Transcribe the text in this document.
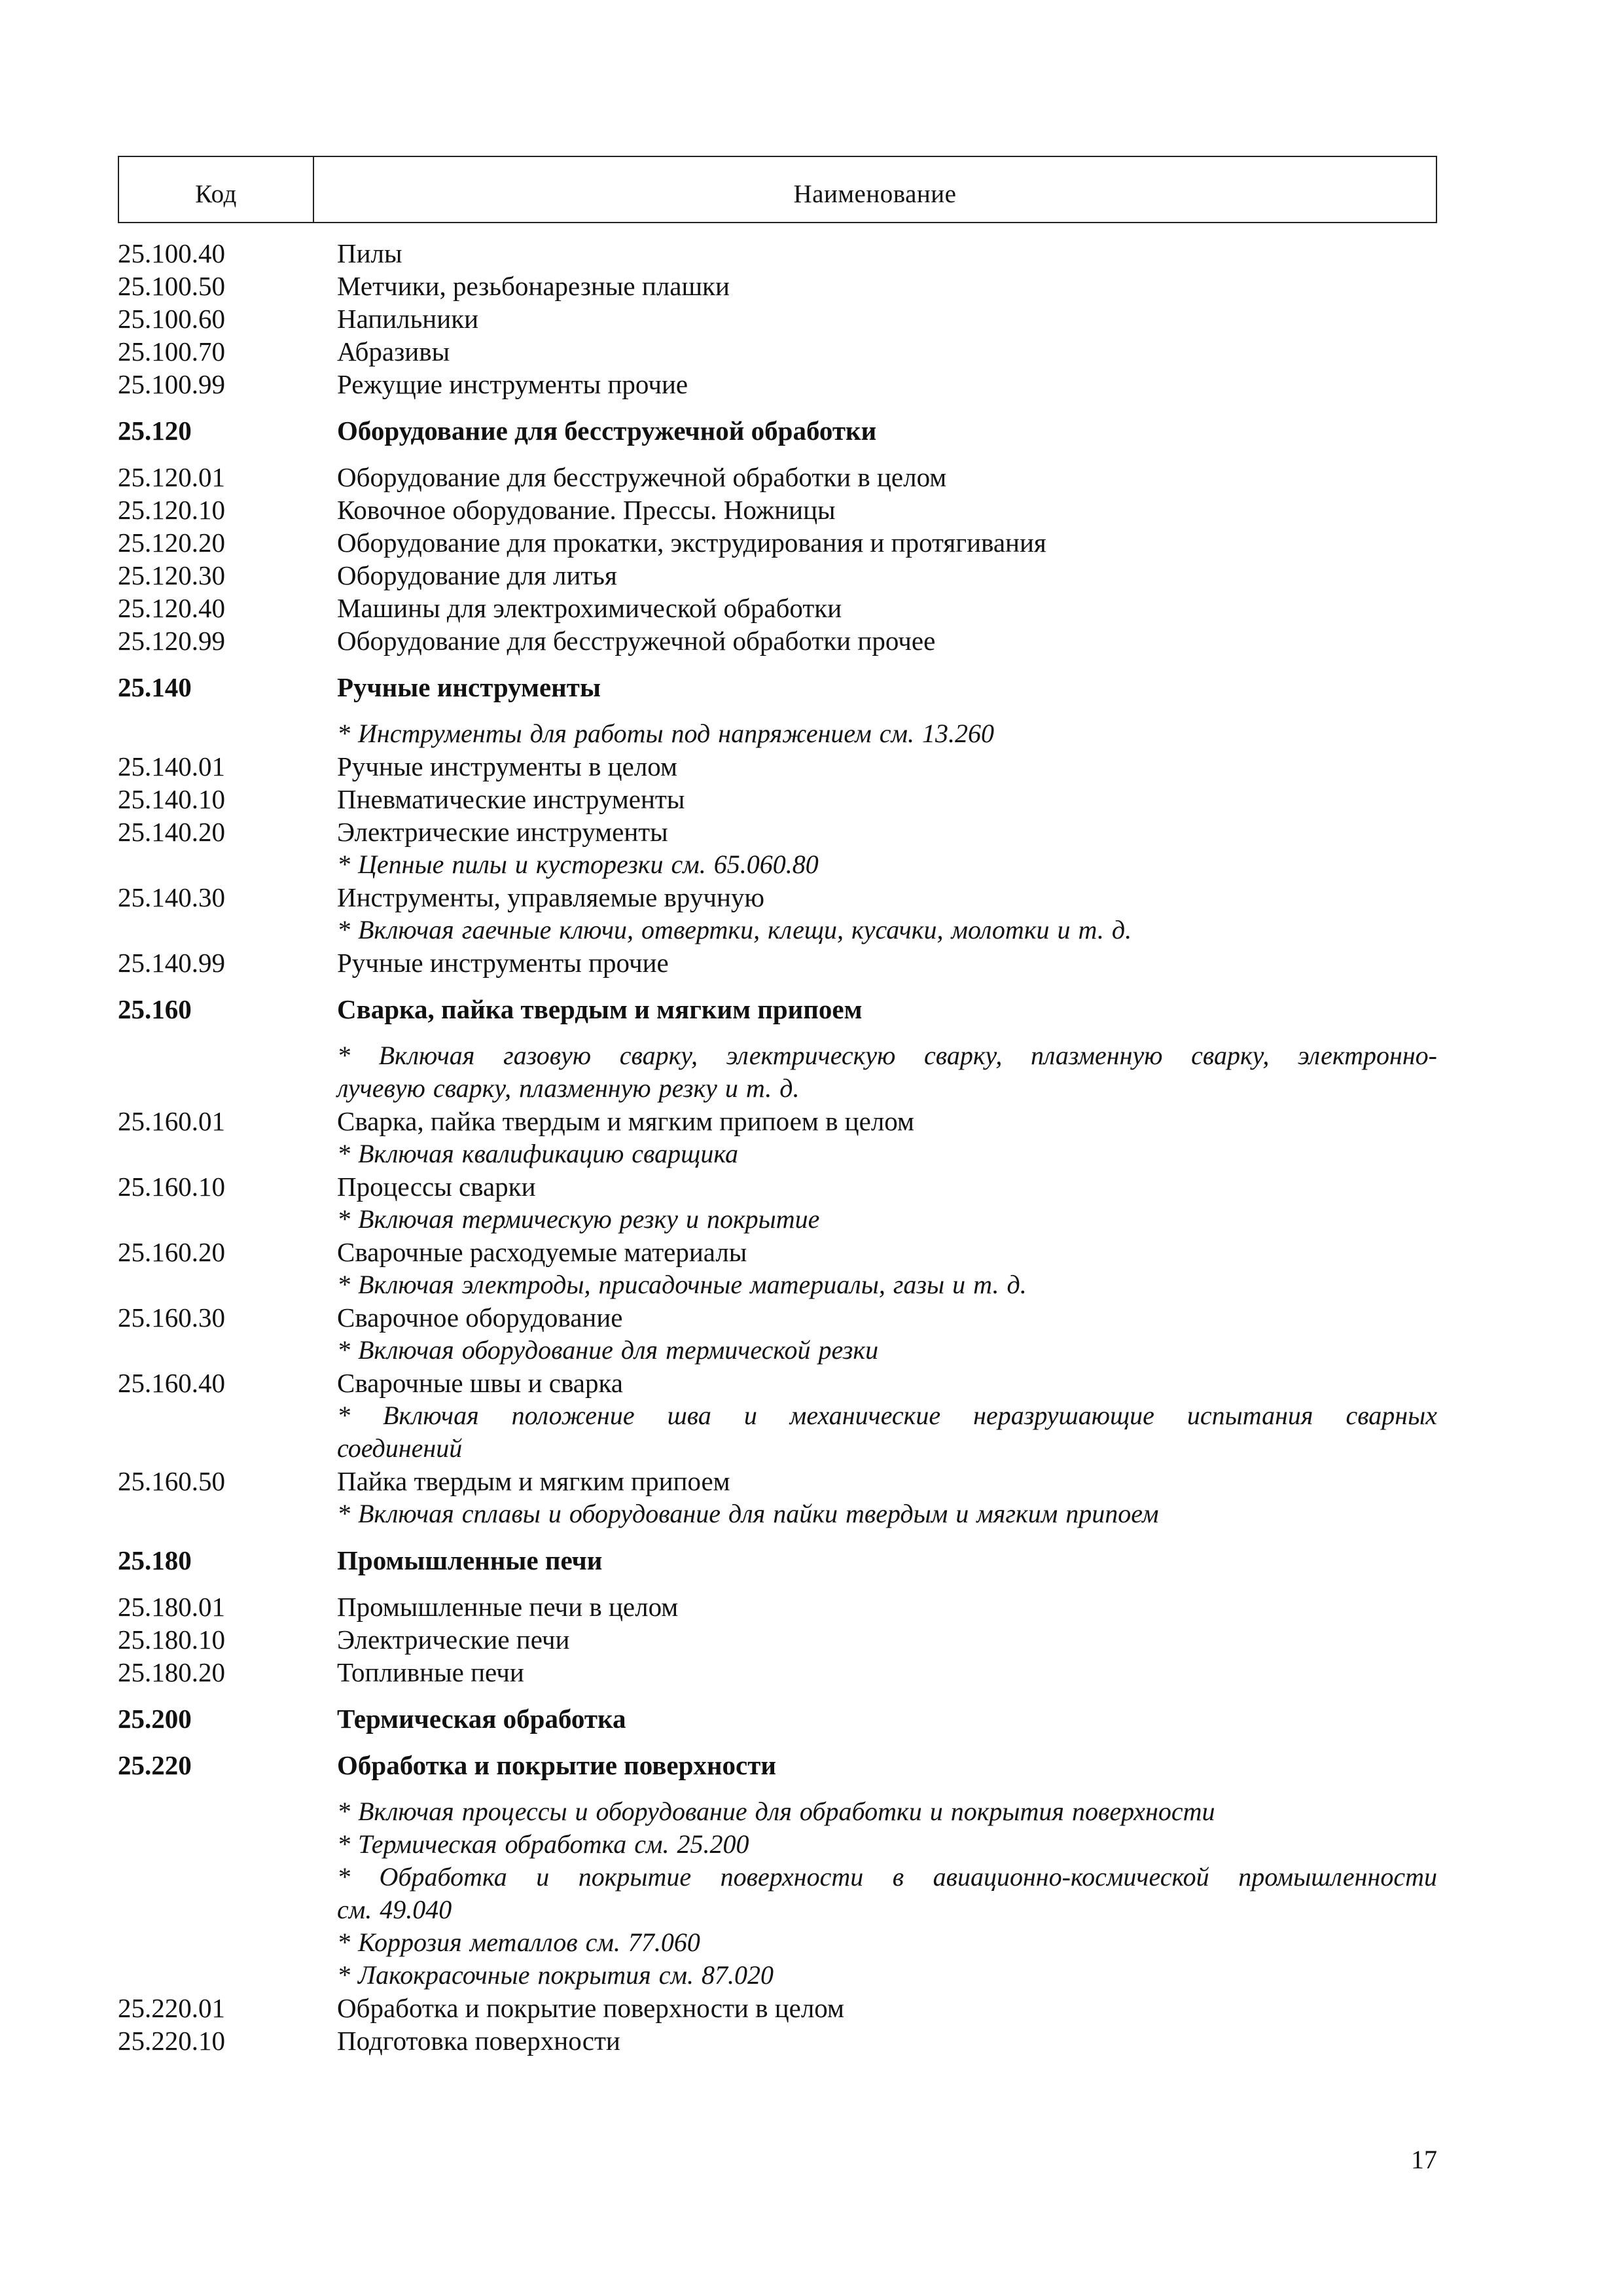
Код	Наименование
25.100.40	Пилы
25.100.50	Метчики, резьбонарезные плашки
25.100.60	Напильники
25.100.70	Абразивы
25.100.99	Режущие инструменты прочие
25.120	Оборудование для бесстружечной обработки
25.120.01	Оборудование для бесстружечной обработки в целом
25.120.10	Ковочное оборудование. Прессы. Ножницы
25.120.20	Оборудование для прокатки, экструдирования и протягивания
25.120.30	Оборудование для литья
25.120.40	Машины для электрохимической обработки
25.120.99	Оборудование для бесстружечной обработки прочее
25.140	Ручные инструменты
* Инструменты для работы под напряжением см. 13.260
25.140.01	Ручные инструменты в целом
25.140.10	Пневматические инструменты
25.140.20	Электрические инструменты
* Цепные пилы и кусторезки см. 65.060.80
25.140.30	Инструменты, управляемые вручную
* Включая гаечные ключи, отвертки, клещи, кусачки, молотки и т. д.
25.140.99	Ручные инструменты прочие
25.160	Сварка, пайка твердым и мягким припоем
* Включая газовую сварку, электрическую сварку, плазменную сварку, электронно-
лучевую сварку, плазменную резку и т. д.
25.160.01	Сварка, пайка твердым и мягким припоем в целом
* Включая квалификацию сварщика
25.160.10	Процессы сварки
* Включая термическую резку и покрытие
25.160.20	Сварочные расходуемые материалы
* Включая электроды, присадочные материалы, газы и т. д.
25.160.30	Сварочное оборудование
* Включая оборудование для термической резки
25.160.40	Сварочные швы и сварка
* Включая положение шва и механические неразрушающие испытания сварных
соединений
25.160.50	Пайка твердым и мягким припоем
* Включая сплавы и оборудование для пайки твердым и мягким припоем
25.180	Промышленные печи
25.180.01	Промышленные печи в целом
25.180.10	Электрические печи
25.180.20	Топливные печи
25.200	Термическая обработка
25.220	Обработка и покрытие поверхности
* Включая процессы и оборудование для обработки и покрытия поверхности
* Термическая обработка см. 25.200
* Обработка и покрытие поверхности в авиационно-космической промышленности
см. 49.040
* Коррозия металлов см. 77.060
* Лакокрасочные покрытия см. 87.020
25.220.01	Обработка и покрытие поверхности в целом
25.220.10	Подготовка поверхности
17
